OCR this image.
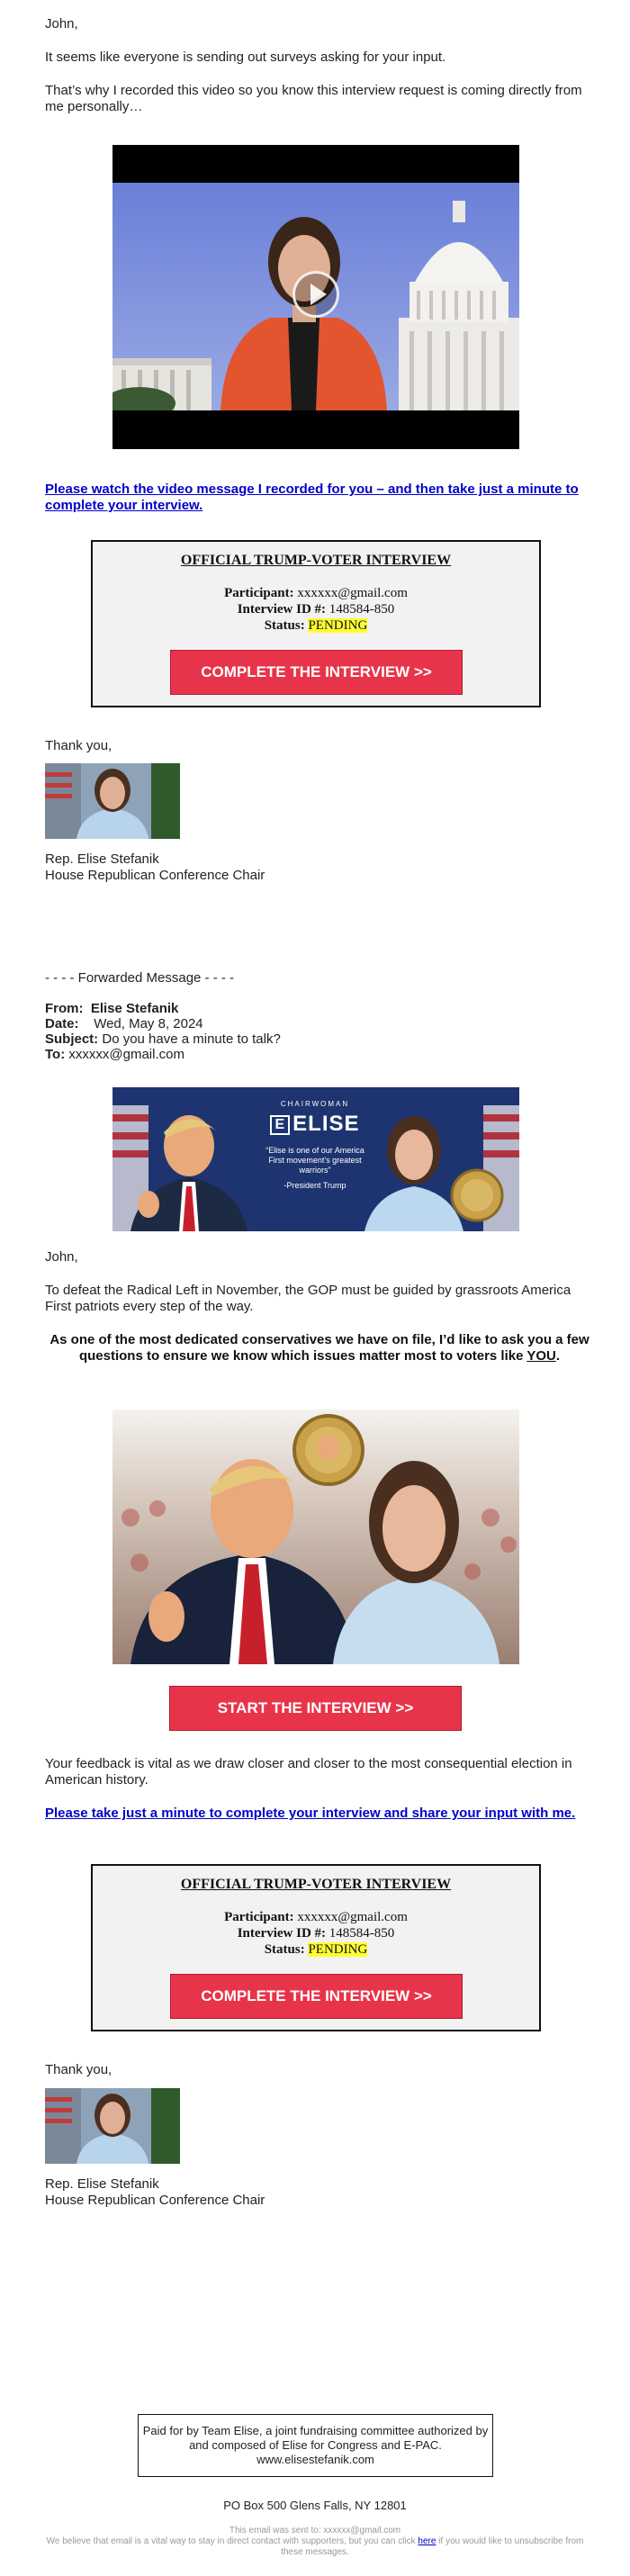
John,
It seems like everyone is sending out surveys asking for your input.
That’s why I recorded this video so you know this interview request is coming directly from me personally…
Please watch the video message I recorded for you – and then take just a minute to complete your interview.
OFFICIAL TRUMP-VOTER INTERVIEW
Participant: xxxxxx@gmail.com
Interview ID #: 148584-850
Status: PENDING
COMPLETE THE INTERVIEW >>
Thank you,
Rep. Elise Stefanik
House Republican Conference Chair
- - - - Forwarded Message - - - -
From: Elise Stefanik
Date: Wed, May 8, 2024
Subject: Do you have a minute to talk?
To: xxxxxx@gmail.com
CHAIRWOMAN
E ELISE
“Elise is one of our America First movement’s greatest warriors”
-President Trump
John,
To defeat the Radical Left in November, the GOP must be guided by grassroots America First patriots every step of the way.
As one of the most dedicated conservatives we have on file, I’d like to ask you a few questions to ensure we know which issues matter most to voters like YOU.
START THE INTERVIEW >>
Your feedback is vital as we draw closer and closer to the most consequential election in American history.
Please take just a minute to complete your interview and share your input with me.
OFFICIAL TRUMP-VOTER INTERVIEW
Participant: xxxxxx@gmail.com
Interview ID #: 148584-850
Status: PENDING
COMPLETE THE INTERVIEW >>
Thank you,
Rep. Elise Stefanik
House Republican Conference Chair
Paid for by Team Elise, a joint fundraising committee authorized by and composed of Elise for Congress and E-PAC. www.elisestefanik.com
PO Box 500 Glens Falls, NY 12801
This email was sent to: xxxxxx@gmail.com
We believe that email is a vital way to stay in direct contact with supporters, but you can click here if you would like to unsubscribe from these messages.
